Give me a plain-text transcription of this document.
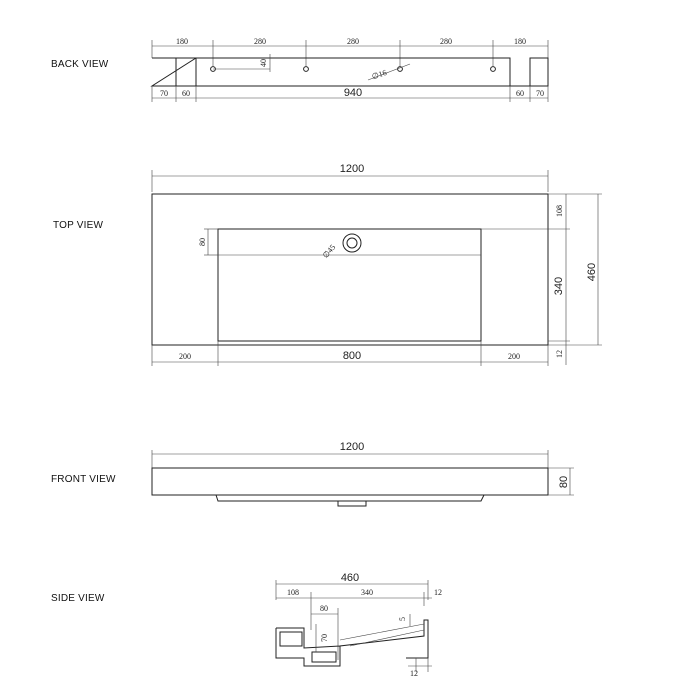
BACK VIEW
180	280	280	280	180
40
∅16
70 60	940	60 70
TOP VIEW
1200
∅45
80
108
340
460
12
200	800	200
FRONT VIEW
1200
80
SIDE VIEW
460
108	340	12
80
70
5
12
